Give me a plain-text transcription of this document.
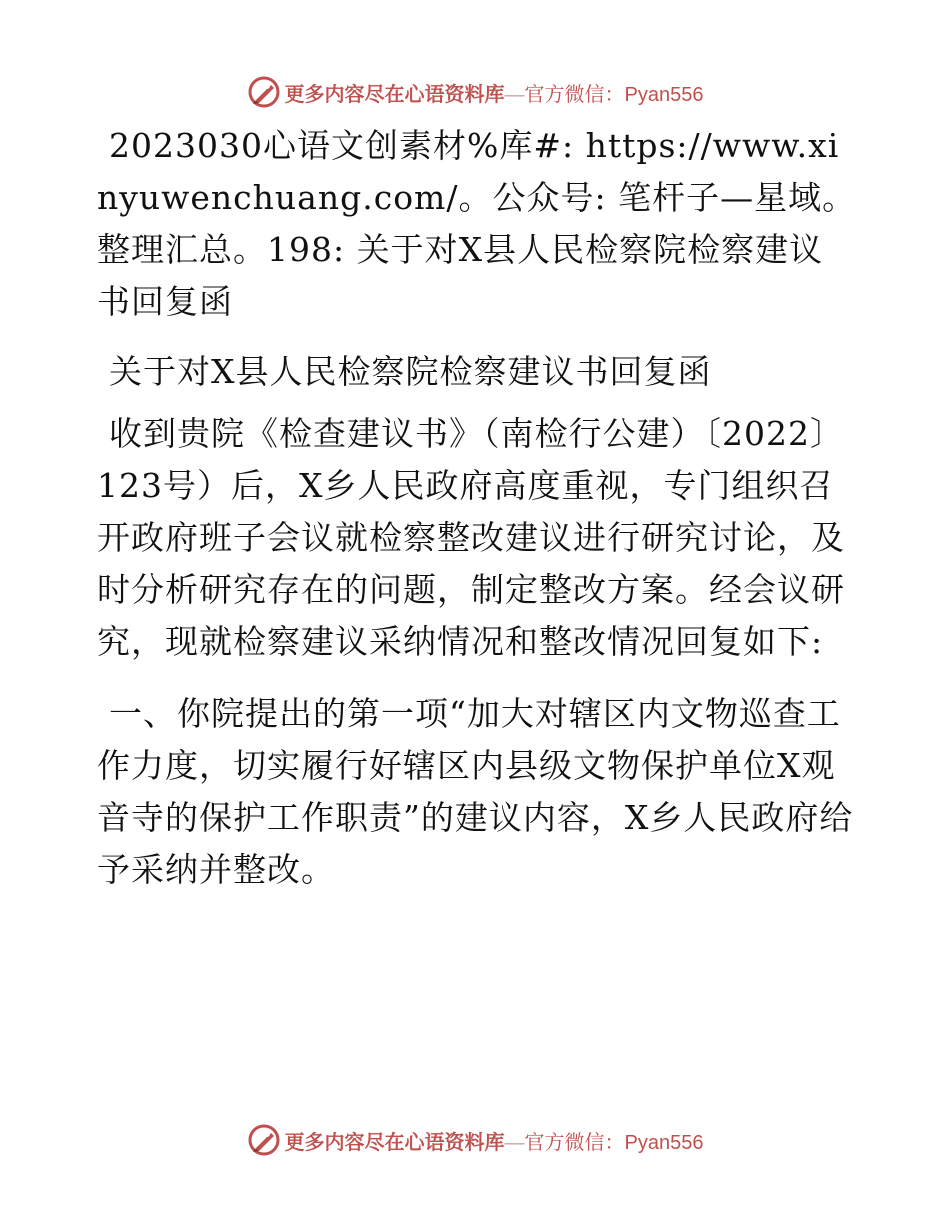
更多内容尽在心语资料库—官方微信：Pyan556

2023030心语文创素材%库#: https://www.xinyuwenchuang.com/。公众号: 笔杆子—星域。整理汇总。198: 关于对X县人民检察院检察建议书回复函

关于对X县人民检察院检察建议书回复函

收到贵院《检查建议书》（南检行公建）〔2022〕123号）后，X乡人民政府高度重视，专门组织召开政府班子会议就检察整改建议进行研究讨论，及时分析研究存在的问题，制定整改方案。经会议研究，现就检察建议采纳情况和整改情况回复如下:

一、你院提出的第一项“加大对辖区内文物巡查工作力度，切实履行好辖区内县级文物保护单位X观音寺的保护工作职责”的建议内容，X乡人民政府给予采纳并整改。

更多内容尽在心语资料库—官方微信：Pyan556
